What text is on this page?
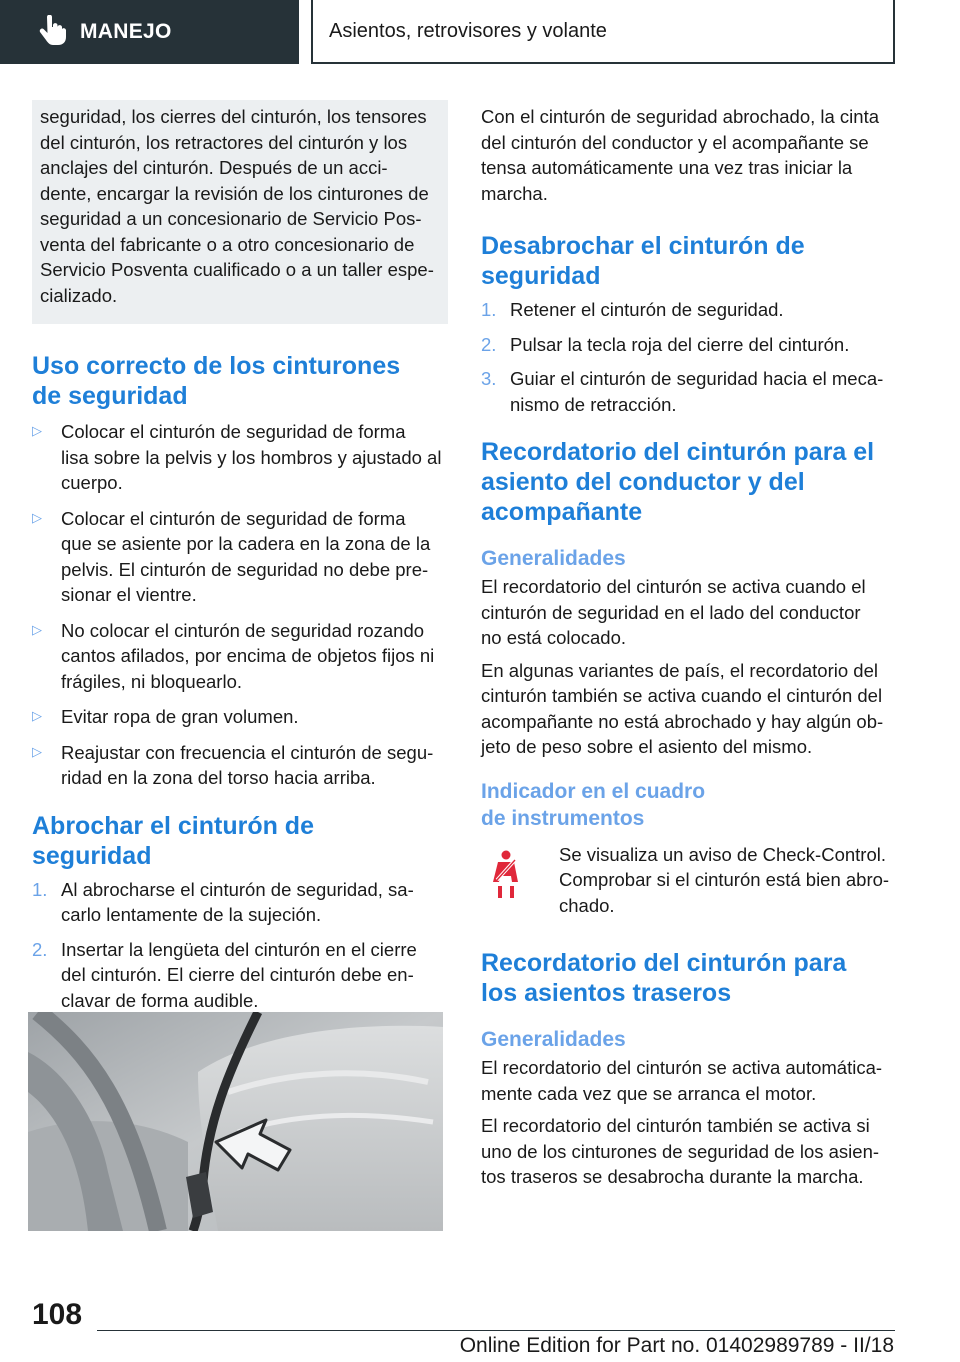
MANEJO	Asientos, retrovisores y volante

seguridad, los cierres del cinturón, los tensores

del cinturón, los retractores del cinturón y los

anclajes del cinturón. Después de un acci-

dente, encargar la revisión de los cinturones de

seguridad a un concesionario de Servicio Pos-

venta del fabricante o a otro concesionario de

Servicio Posventa cualificado o a un taller espe-

cializado.

Uso correcto de los cinturones
de seguridad
▷	Colocar el cinturón de seguridad de forma

lisa sobre la pelvis y los hombros y ajustado al

cuerpo.

▷	Colocar el cinturón de seguridad de forma

que se asiente por la cadera en la zona de la

pelvis. El cinturón de seguridad no debe pre-

sionar el vientre.

▷	No colocar el cinturón de seguridad rozando

cantos afilados, por encima de objetos fijos ni

frágiles, ni bloquearlo.

▷	Evitar ropa de gran volumen.

▷	Reajustar con frecuencia el cinturón de segu-

ridad en la zona del torso hacia arriba.

Abrochar el cinturón de
seguridad
1. Al abrocharse el cinturón de seguridad, sa-

carlo lentamente de la sujeción.

2. Insertar la lengüeta del cinturón en el cierre

del cinturón. El cierre del cinturón debe en-

clavar de forma audible.

Con el cinturón de seguridad abrochado, la cinta

del cinturón del conductor y el acompañante se

tensa automáticamente una vez tras iniciar la

marcha.

Desabrochar el cinturón de
seguridad
1. Retener el cinturón de seguridad.

2. Pulsar la tecla roja del cierre del cinturón.

3. Guiar el cinturón de seguridad hacia el meca-

nismo de retracción.

Recordatorio del cinturón para el
asiento del conductor y del
acompañante
Generalidades

El recordatorio del cinturón se activa cuando el

cinturón de seguridad en el lado del conductor

no está colocado.

En algunas variantes de país, el recordatorio del

cinturón también se activa cuando el cinturón del

acompañante no está abrochado y hay algún ob-

jeto de peso sobre el asiento del mismo.

Indicador en el cuadro
de instrumentos

Se visualiza un aviso de Check-Control.

Comprobar si el cinturón está bien abro-

chado.

Recordatorio del cinturón para
los asientos traseros
Generalidades

El recordatorio del cinturón se activa automática-

mente cada vez que se arranca el motor.

El recordatorio del cinturón también se activa si

uno de los cinturones de seguridad de los asien-

tos traseros se desabrocha durante la marcha.

108
Online Edition for Part no. 01402989789 - II/18
